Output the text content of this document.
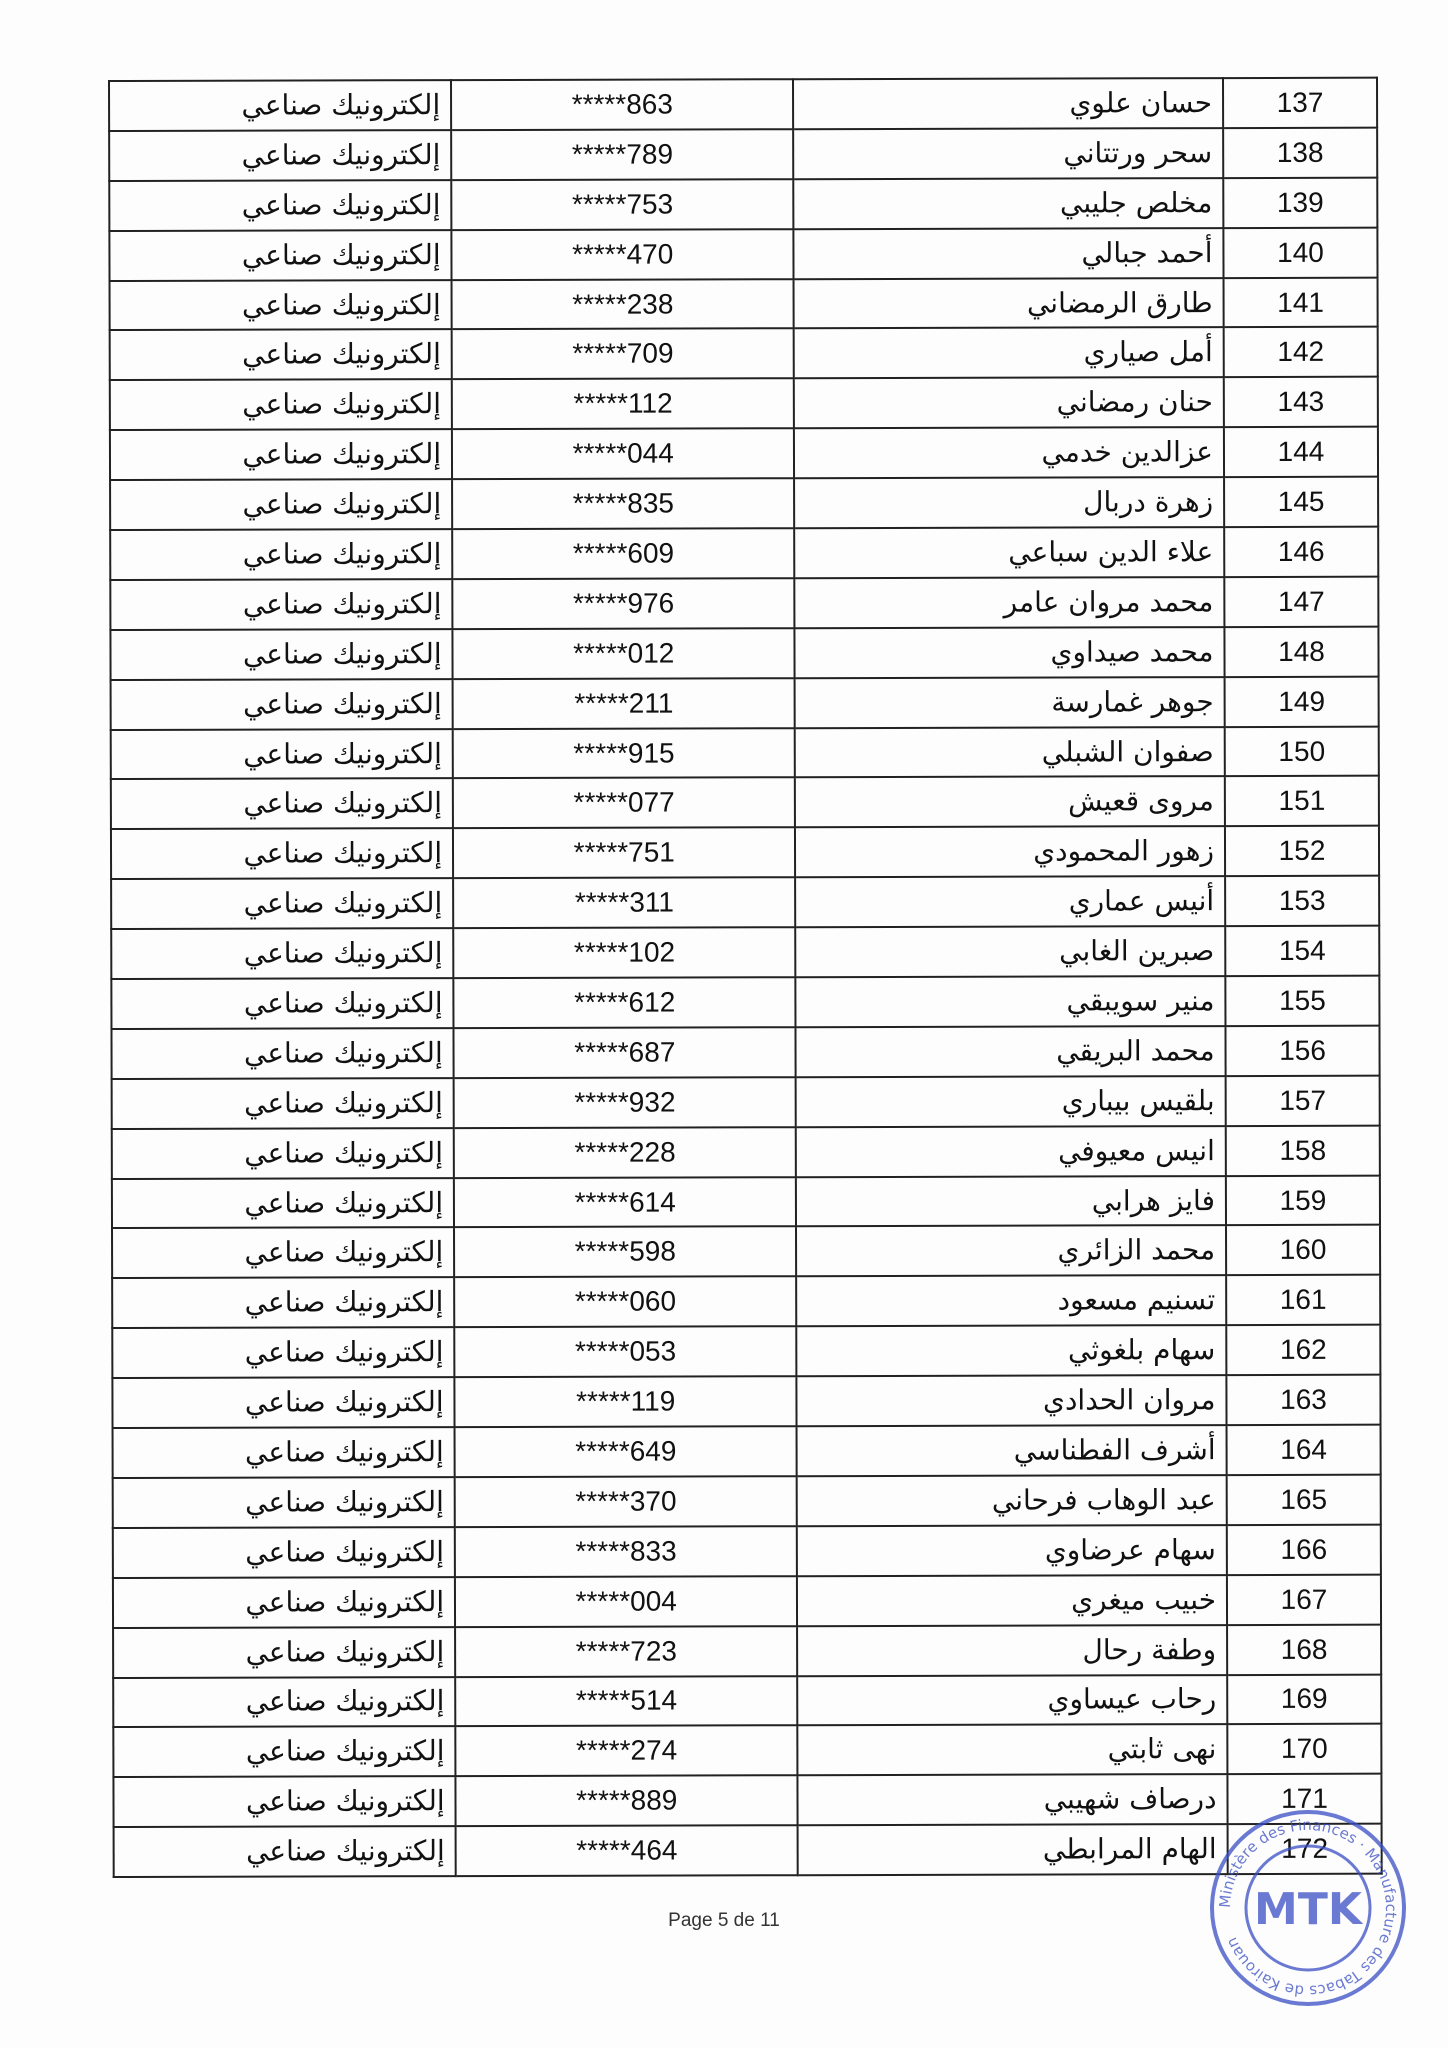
إلكترونيك صناعي	*****863	حسان علوي	137
إلكترونيك صناعي	*****789	سحر ورتتاني	138
إلكترونيك صناعي	*****753	مخلص جليبي	139
إلكترونيك صناعي	*****470	أحمد جبالي	140
إلكترونيك صناعي	*****238	طارق الرمضاني	141
إلكترونيك صناعي	*****709	أمل صياري	142
إلكترونيك صناعي	*****112	حنان رمضاني	143
إلكترونيك صناعي	*****044	عزالدين خدمي	144
إلكترونيك صناعي	*****835	زهرة دربال	145
إلكترونيك صناعي	*****609	علاء الدين سباعي	146
إلكترونيك صناعي	*****976	محمد مروان عامر	147
إلكترونيك صناعي	*****012	محمد صيداوي	148
إلكترونيك صناعي	*****211	جوهر غمارسة	149
إلكترونيك صناعي	*****915	صفوان الشبلي	150
إلكترونيك صناعي	*****077	مروى قعيش	151
إلكترونيك صناعي	*****751	زهور المحمودي	152
إلكترونيك صناعي	*****311	أنيس عماري	153
إلكترونيك صناعي	*****102	صبرين الغابي	154
إلكترونيك صناعي	*****612	منير سويبقي	155
إلكترونيك صناعي	*****687	محمد البريقي	156
إلكترونيك صناعي	*****932	بلقيس بيباري	157
إلكترونيك صناعي	*****228	انيس معيوفي	158
إلكترونيك صناعي	*****614	فايز هرابي	159
إلكترونيك صناعي	*****598	محمد الزائري	160
إلكترونيك صناعي	*****060	تسنيم مسعود	161
إلكترونيك صناعي	*****053	سهام بلغوثي	162
إلكترونيك صناعي	*****119	مروان الحدادي	163
إلكترونيك صناعي	*****649	أشرف الفطناسي	164
إلكترونيك صناعي	*****370	عبد الوهاب فرحاني	165
إلكترونيك صناعي	*****833	سهام عرضاوي	166
إلكترونيك صناعي	*****004	خبيب ميغري	167
إلكترونيك صناعي	*****723	وطفة رحال	168
إلكترونيك صناعي	*****514	رحاب عيساوي	169
إلكترونيك صناعي	*****274	نهى ثابتي	170
إلكترونيك صناعي	*****889	درصاف شهيبي	171
إلكترونيك صناعي	*****464	الهام المرابطي	172
Page 5 de 11
Ministère des Finances · Manufacture des Tabacs de Kairouan
MTK
